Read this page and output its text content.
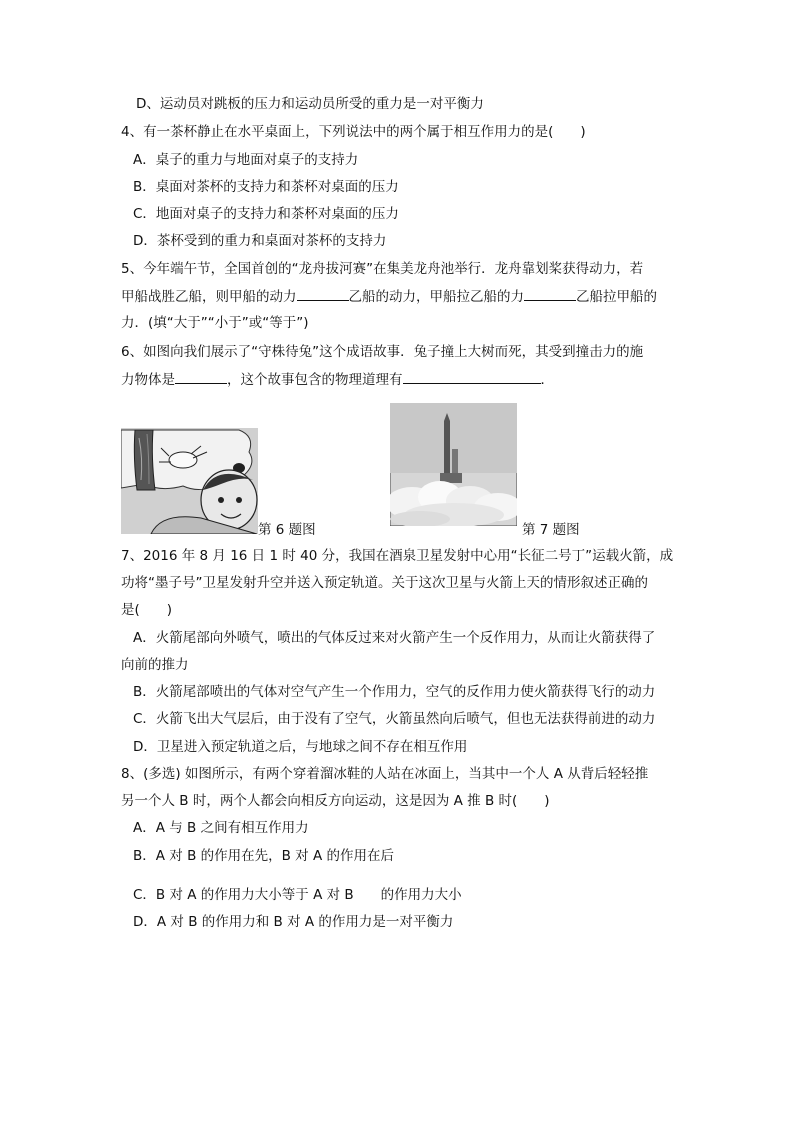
D、运动员对跳板的压力和运动员所受的重力是一对平衡力
4、有一茶杯静止在水平桌面上，下列说法中的两个属于相互作用力的是(　　)
A．桌子的重力与地面对桌子的支持力
B．桌面对茶杯的支持力和茶杯对桌面的压力
C．地面对桌子的支持力和茶杯对桌面的压力
D．茶杯受到的重力和桌面对茶杯的支持力
5、今年端午节，全国首创的“龙舟拔河赛”在集美龙舟池举行．龙舟靠划桨获得动力，若
甲船战胜乙船，则甲船的动力	乙船的动力，甲船拉乙船的力	乙船拉甲船的
力．(填“大于”“小于”或“等于”)
6、如图向我们展示了“守株待兔”这个成语故事．兔子撞上大树而死，其受到撞击力的施
力物体是	，这个故事包含的物理道理有	．
第 6 题图	第 7 题图
7、2016 年 8 月 16 日 1 时 40 分，我国在酒泉卫星发射中心用“长征二号丁”运载火箭，成
功将“墨子号”卫星发射升空并送入预定轨道。关于这次卫星与火箭上天的情形叙述正确的
是(　　)
A．火箭尾部向外喷气，喷出的气体反过来对火箭产生一个反作用力，从而让火箭获得了
向前的推力
B．火箭尾部喷出的气体对空气产生一个作用力，空气的反作用力使火箭获得飞行的动力
C．火箭飞出大气层后，由于没有了空气，火箭虽然向后喷气，但也无法获得前进的动力
D．卫星进入预定轨道之后，与地球之间不存在相互作用
8、(多选) 如图所示，有两个穿着溜冰鞋的人站在冰面上，当其中一个人 A 从背后轻轻推
另一个人 B 时，两个人都会向相反方向运动，这是因为 A 推 B 时(　　)
A．A 与 B 之间有相互作用力
B．A 对 B 的作用在先，B 对 A 的作用在后
C．B 对 A 的作用力大小等于 A 对 B　　的作用力大小
D．A 对 B 的作用力和 B 对 A 的作用力是一对平衡力
